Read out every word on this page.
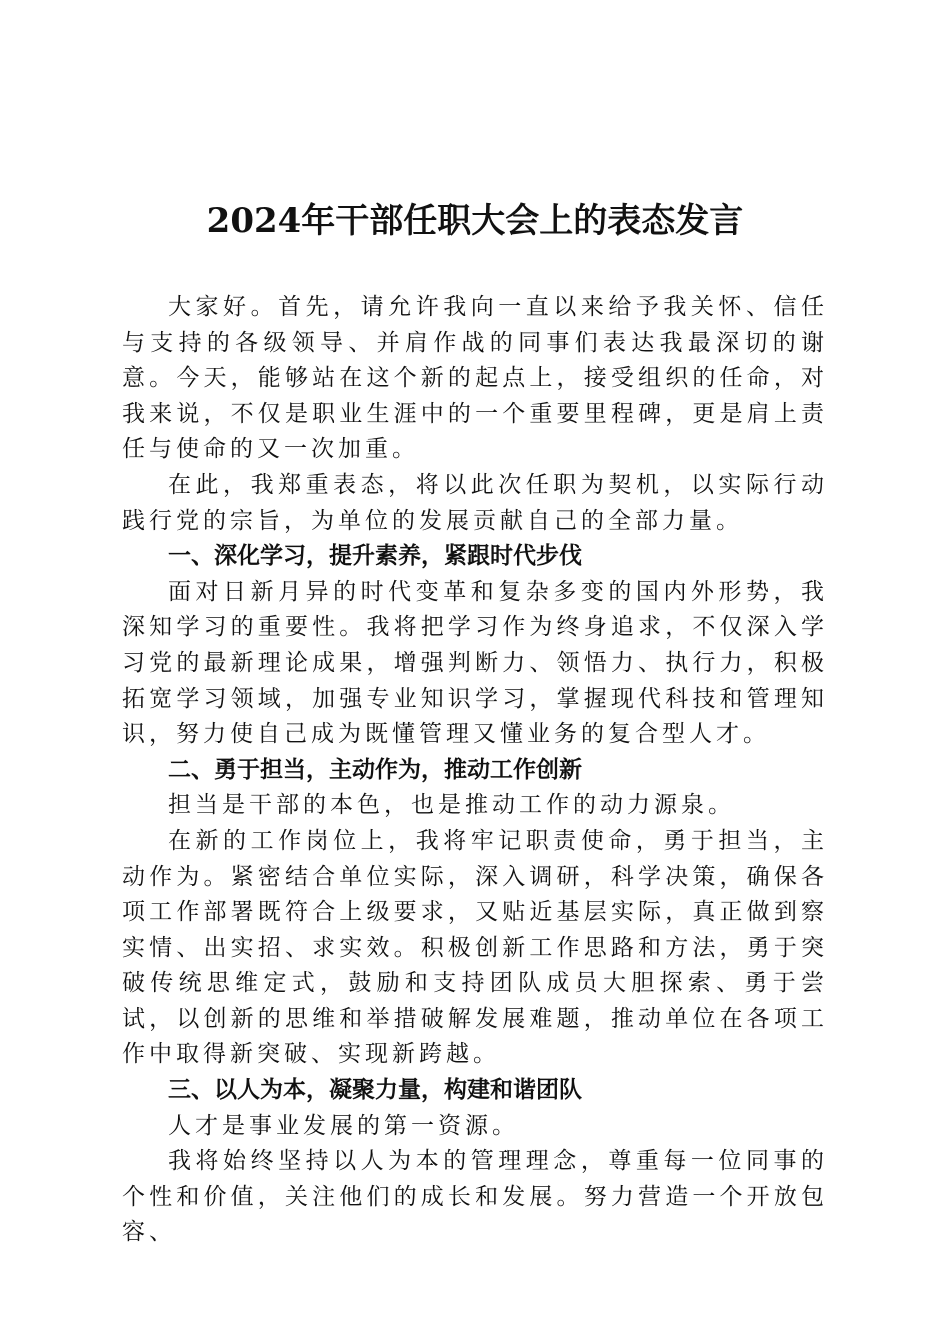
2024年干部任职大会上的表态发言

大家好。首先，请允许我向一直以来给予我关怀、信任与支持的各级领导、并肩作战的同事们表达我最深切的谢意。今天，能够站在这个新的起点上，接受组织的任命，对我来说，不仅是职业生涯中的一个重要里程碑，更是肩上责任与使命的又一次加重。

在此，我郑重表态，将以此次任职为契机，以实际行动践行党的宗旨，为单位的发展贡献自己的全部力量。

一、深化学习，提升素养，紧跟时代步伐

面对日新月异的时代变革和复杂多变的国内外形势，我深知学习的重要性。我将把学习作为终身追求，不仅深入学习党的最新理论成果，增强判断力、领悟力、执行力，积极拓宽学习领域，加强专业知识学习，掌握现代科技和管理知识，努力使自己成为既懂管理又懂业务的复合型人才。

二、勇于担当，主动作为，推动工作创新

担当是干部的本色，也是推动工作的动力源泉。

在新的工作岗位上，我将牢记职责使命，勇于担当，主动作为。紧密结合单位实际，深入调研，科学决策，确保各项工作部署既符合上级要求，又贴近基层实际，真正做到察实情、出实招、求实效。积极创新工作思路和方法，勇于突破传统思维定式，鼓励和支持团队成员大胆探索、勇于尝试，以创新的思维和举措破解发展难题，推动单位在各项工作中取得新突破、实现新跨越。

三、以人为本，凝聚力量，构建和谐团队

人才是事业发展的第一资源。

我将始终坚持以人为本的管理理念，尊重每一位同事的个性和价值，关注他们的成长和发展。努力营造一个开放包容、
